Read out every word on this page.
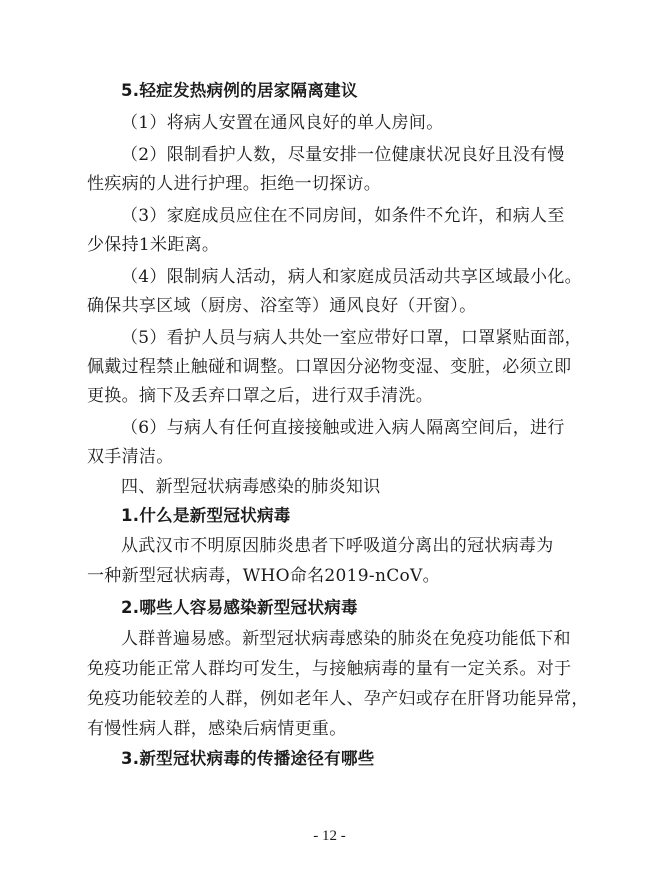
5.轻症发热病例的居家隔离建议
（1）将病人安置在通风良好的单人房间。
（2）限制看护人数，尽量安排一位健康状况良好且没有慢
性疾病的人进行护理。拒绝一切探访。
（3）家庭成员应住在不同房间，如条件不允许，和病人至
少保持1米距离。
（4）限制病人活动，病人和家庭成员活动共享区域最小化。
确保共享区域（厨房、浴室等）通风良好（开窗）。
（5）看护人员与病人共处一室应带好口罩，口罩紧贴面部，
佩戴过程禁止触碰和调整。口罩因分泌物变湿、变脏，必须立即
更换。摘下及丢弃口罩之后，进行双手清洗。
（6）与病人有任何直接接触或进入病人隔离空间后，进行
双手清洁。
四、新型冠状病毒感染的肺炎知识
1.什么是新型冠状病毒
从武汉市不明原因肺炎患者下呼吸道分离出的冠状病毒为
一种新型冠状病毒，WHO命名2019-nCoV。
2.哪些人容易感染新型冠状病毒
人群普遍易感。新型冠状病毒感染的肺炎在免疫功能低下和
免疫功能正常人群均可发生，与接触病毒的量有一定关系。对于
免疫功能较差的人群，例如老年人、孕产妇或存在肝肾功能异常，
有慢性病人群，感染后病情更重。
3.新型冠状病毒的传播途径有哪些
- 12 -
